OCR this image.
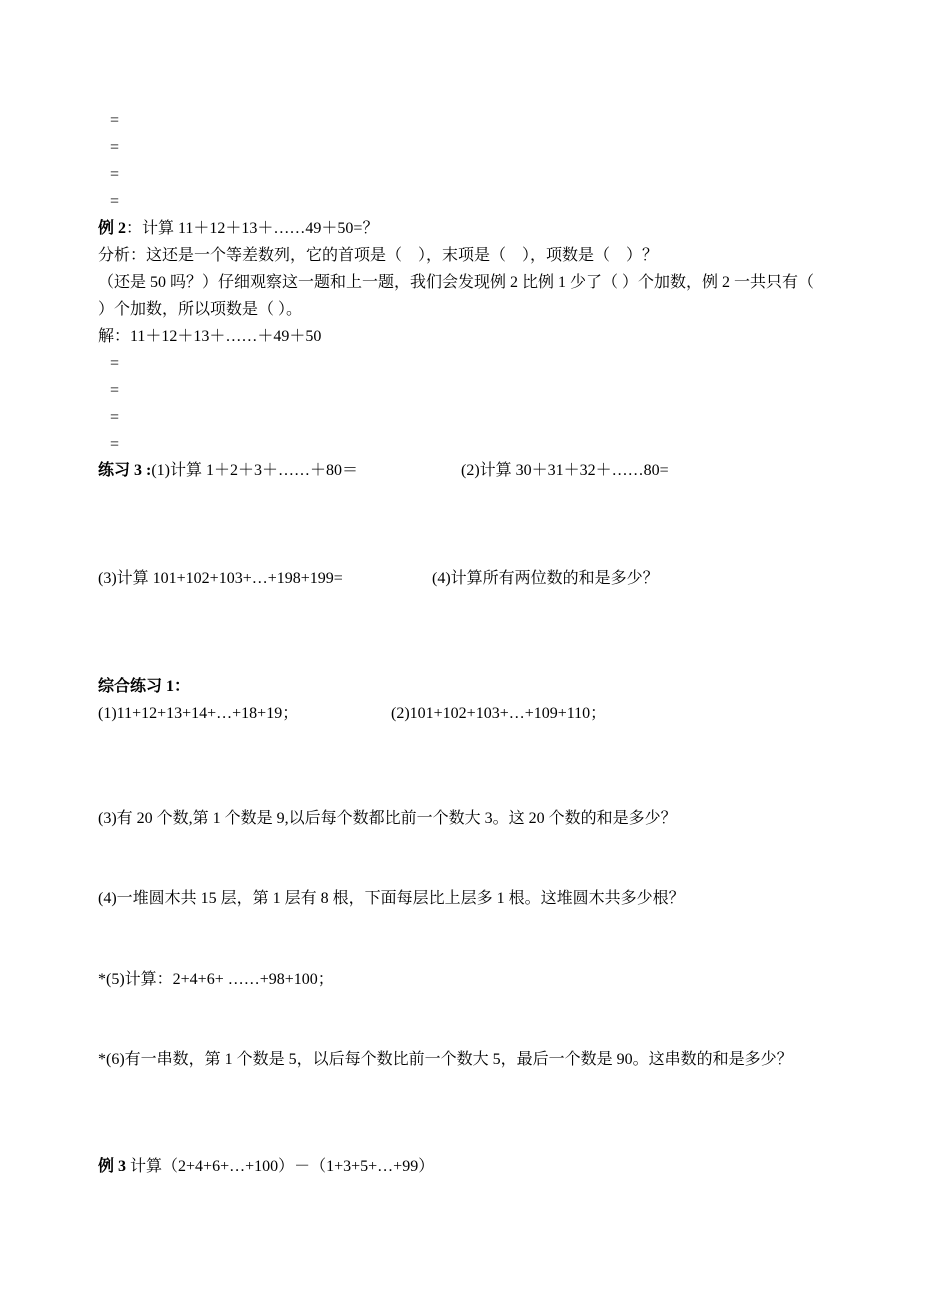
=
=
=
=
例 2：计算 11＋12＋13＋……49＋50=？
分析：这还是一个等差数列，它的首项是（　），末项是（　），项数是（　）？
（还是 50 吗？）仔细观察这一题和上一题，我们会发现例 2 比例 1 少了（ ）个加数，例 2 一共只有（
）个加数，所以项数是（ ）。
解：11＋12＋13＋……＋49＋50
=
=
=
=
练习 3 :(1)计算 1＋2＋3＋……＋80＝	(2)计算 30＋31＋32＋……80=
(3)计算 101+102+103+…+198+199=	(4)计算所有两位数的和是多少？
综合练习 1：
(1)11+12+13+14+…+18+19；	(2)101+102+103+…+109+110；
(3)有 20 个数,第 1 个数是 9,以后每个数都比前一个数大 3。这 20 个数的和是多少？
(4)一堆圆木共 15 层，第 1 层有 8 根，下面每层比上层多 1 根。这堆圆木共多少根？
*(5)计算：2+4+6+ ……+98+100；
*(6)有一串数，第 1 个数是 5，以后每个数比前一个数大 5，最后一个数是 90。这串数的和是多少？
例 3 计算（2+4+6+…+100）－（1+3+5+…+99）
